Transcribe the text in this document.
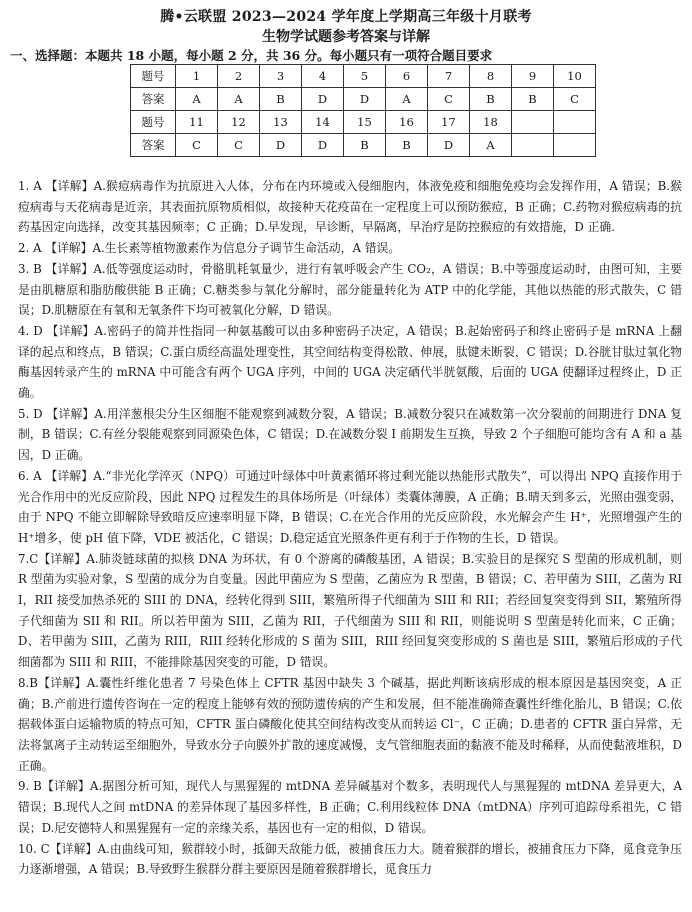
腾•云联盟 2023—2024 学年度上学期高三年级十月联考
生物学试题参考答案与详解
一、选择题：本题共 18 小题，每小题 2 分，共 36 分。每小题只有一项符合题目要求
题号	1	2	3	4	5	6	7	8	9	10
答案	A	A	B	D	D	A	C	B	B	C
题号	11	12	13	14	15	16	17	18		
答案	C	C	D	D	B	B	D	A		

1. A 【详解】A.猴痘病毒作为抗原进入人体，分布在内环境或入侵细胞内，体液免疫和细胞免疫均会发挥作用，A 错误；B.猴痘病毒与天花病毒是近亲，其表面抗原物质相似，故接种天花疫苗在一定程度上可以预防猴痘，B 正确；C.药物对猴痘病毒的抗药基因定向选择，改变其基因频率；C 正确；D.早发现，早诊断，早隔离，早治疗是防控猴痘的有效措施，D 正确.

2. A 【详解】A.生长素等植物激素作为信息分子调节生命活动，A 错误。

3. B 【详解】A.低等强度运动时，骨骼肌耗氧量少，进行有氧呼吸会产生 CO₂，A 错误；B.中等强度运动时，由图可知，主要是由肌糖原和脂肪酸供能 B 正确；C.糖类参与氧化分解时，部分能量转化为 ATP 中的化学能，其他以热能的形式散失，C 错误；D.肌糖原在有氧和无氧条件下均可被氧化分解，D 错误。

4. D 【详解】A.密码子的简并性指同一种氨基酸可以由多种密码子决定，A 错误；B.起始密码子和终止密码子是 mRNA 上翻译的起点和终点，B 错误；C.蛋白质经高温处理变性，其空间结构变得松散、伸展，肽键未断裂，C 错误；D.谷胱甘肽过氧化物酶基因转录产生的 mRNA 中可能含有两个 UGA 序列，中间的 UGA 决定硒代半胱氨酸，后面的 UGA 使翻译过程终止，D 正确。

5. D 【详解】A.用洋葱根尖分生区细胞不能观察到减数分裂，A 错误；B.减数分裂只在减数第一次分裂前的间期进行 DNA 复制，B 错误；C.有丝分裂能观察到同源染色体，C 错误；D.在减数分裂 I 前期发生互换，导致 2 个子细胞可能均含有 A 和 a 基因，D 正确。

6. A 【详解】A.“非光化学淬灭（NPQ）可通过叶绿体中叶黄素循环将过剩光能以热能形式散失”，可以得出 NPQ 直接作用于光合作用中的光反应阶段，因此 NPQ 过程发生的具体场所是（叶绿体）类囊体薄膜，A 正确；B.晴天到多云，光照由强变弱，由于 NPQ 不能立即解除导致暗反应速率明显下降，B 错误；C.在光合作用的光反应阶段，水光解会产生 H⁺，光照增强产生的 H⁺增多，使 pH 值下降，VDE 被活化，C 错误；D.稳定适宜光照条件更有利于于作物的生长，D 错误。

7.C【详解】A.肺炎链球菌的拟核 DNA 为环状，有 0 个游离的磷酸基团，A 错误；B.实验目的是探究 S 型菌的形成机制，则 R 型菌为实验对象，S 型菌的成分为自变量。因此甲菌应为 S 型菌，乙菌应为 R 型菌，B 错误；C、若甲菌为 SIII，乙菌为 RII，RII 接受加热杀死的 SIII 的 DNA，经转化得到 SIII，繁殖所得子代细菌为 SIII 和 RII；若经回复突变得到 SII，繁殖所得子代细菌为 SII 和 RII。所以若甲菌为 SIII，乙菌为 RII，子代细菌为 SIII 和 RII，则能说明 S 型菌是转化而来，C 正确；D、若甲菌为 SIII，乙菌为 RIII，RIII 经转化形成的 S 菌为 SIII，RIII 经回复突变形成的 S 菌也是 SIII，繁殖后形成的子代细菌都为 SIII 和 RIII，不能排除基因突变的可能，D 错误。

8.B【详解】A.囊性纤维化患者 7 号染色体上 CFTR 基因中缺失 3 个碱基，据此判断该病形成的根本原因是基因突变，A 正确；B.产前进行遗传咨询在一定的程度上能够有效的预防遗传病的产生和发展，但不能准确筛查囊性纤维化胎儿，B 错误；C.依据载体蛋白运输物质的特点可知，CFTR 蛋白磷酸化使其空间结构改变从而转运 Cl⁻，C 正确；D.患者的 CFTR 蛋白异常，无法将氯离子主动转运至细胞外，导致水分子向膜外扩散的速度减慢，支气管细胞表面的黏液不能及时稀释，从而使黏液堆积，D 正确。

9. B【详解】A.据图分析可知，现代人与黑猩猩的 mtDNA 差异碱基对个数多，表明现代人与黑猩猩的 mtDNA 差异更大，A 错误；B.现代人之间 mtDNA 的差异体现了基因多样性，B 正确；C.利用线粒体 DNA（mtDNA）序列可追踪母系祖先，C 错误；D.尼安德特人和黑猩猩有一定的亲缘关系，基因也有一定的相似，D 错误。

10. C【详解】A.由曲线可知，猴群较小时，抵御天敌能力低，被捕食压力大。随着猴群的增长，被捕食压力下降，觅食竞争压力逐渐增强，A 错误；B.导致野生猴群分群主要原因是随着猴群增长，觅食压力
